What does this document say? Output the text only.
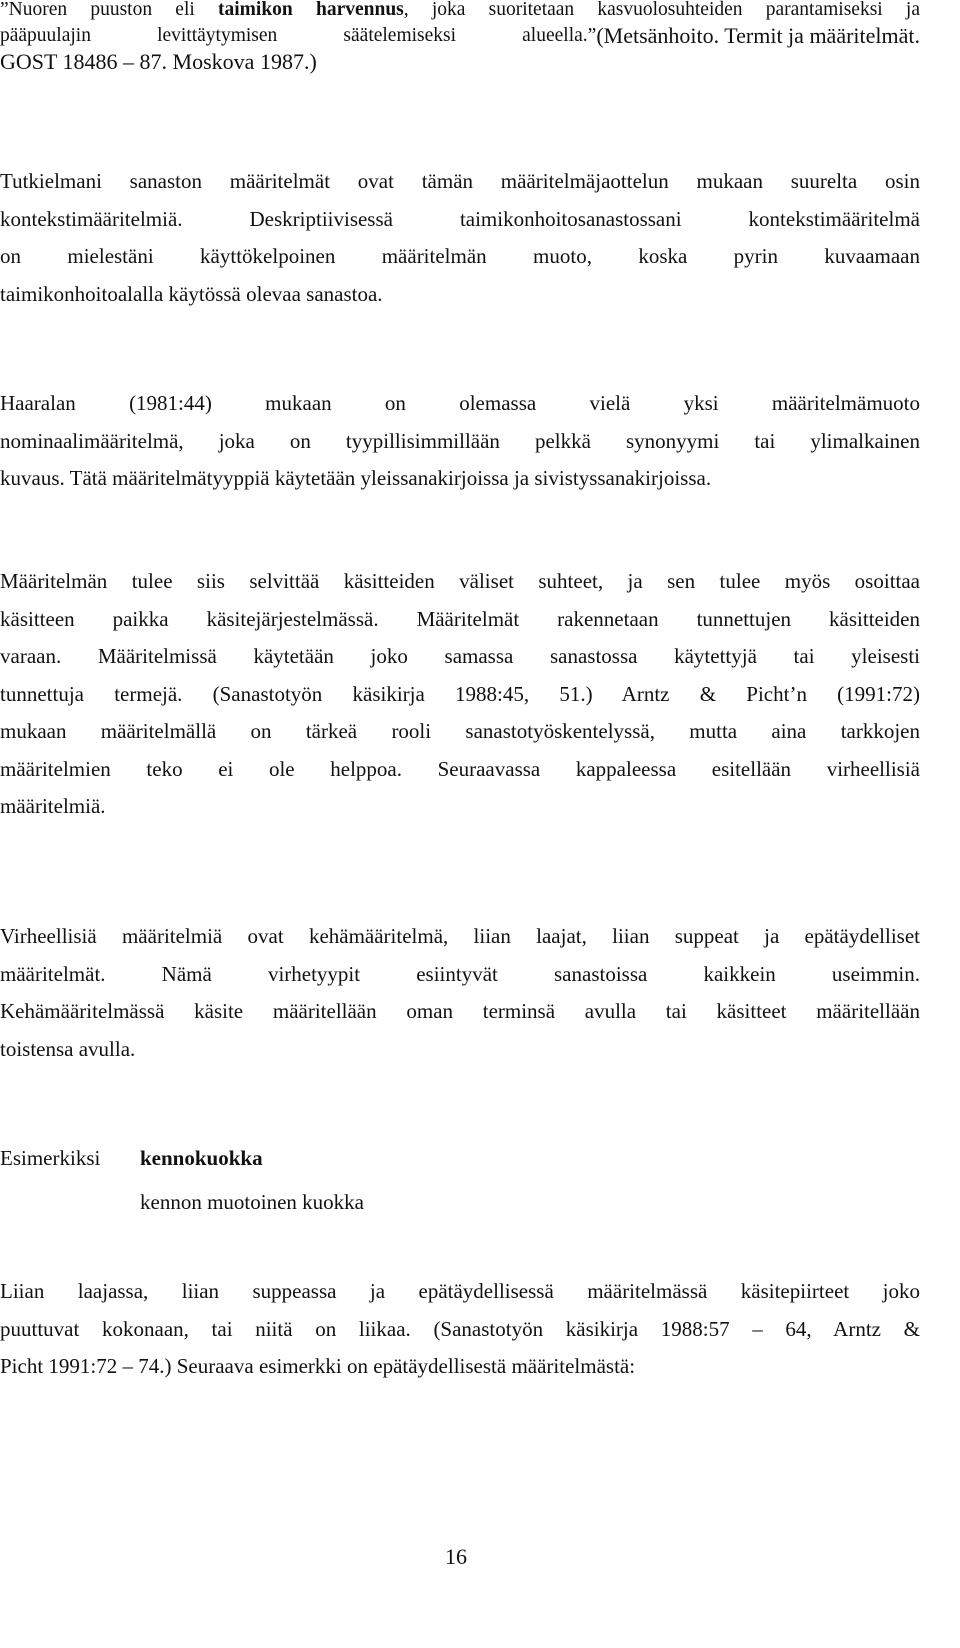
”Nuoren puuston eli taimikon harvennus, joka suoritetaan kasvuolosuhteiden parantamiseksi ja
pääpuulajin levittäytymisen säätelemiseksi alueella.” (Metsänhoito. Termit ja määritelmät.
GOST 18486 – 87. Moskova 1987.)
Tutkielmani sanaston määritelmät ovat tämän määritelmäjaottelun mukaan suurelta osin
kontekstimääritelmiä. Deskriptiivisessä taimikonhoitosanastossani kontekstimääritelmä
on mielestäni käyttökelpoinen määritelmän muoto, koska pyrin kuvaamaan
taimikonhoitoalalla käytössä olevaa sanastoa.
Haaralan (1981:44) mukaan on olemassa vielä yksi määritelmämuoto
nominaalimääritelmä, joka on tyypillisimmillään pelkkä synonyymi tai ylimalkainen
kuvaus. Tätä määritelmätyyppiä käytetään yleissanakirjoissa ja sivistyssanakirjoissa.
Määritelmän tulee siis selvittää käsitteiden väliset suhteet, ja sen tulee myös osoittaa
käsitteen paikka käsitejärjestelmässä. Määritelmät rakennetaan tunnettujen käsitteiden
varaan. Määritelmissä käytetään joko samassa sanastossa käytettyjä tai yleisesti
tunnettuja termejä. (Sanastotyön käsikirja 1988:45, 51.) Arntz & Picht’n (1991:72)
mukaan määritelmällä on tärkeä rooli sanastotyöskentelyssä, mutta aina tarkkojen
määritelmien teko ei ole helppoa. Seuraavassa kappaleessa esitellään virheellisiä
määritelmiä.
Virheellisiä määritelmiä ovat kehämääritelmä, liian laajat, liian suppeat ja epätäydelliset
määritelmät. Nämä virhetyypit esiintyvät sanastoissa kaikkein useimmin.
Kehämääritelmässä käsite määritellään oman terminsä avulla tai käsitteet määritellään
toistensa avulla.
Esimerkiksi kennokuokka
kennon muotoinen kuokka
Liian laajassa, liian suppeassa ja epätäydellisessä määritelmässä käsitepiirteet joko
puuttuvat kokonaan, tai niitä on liikaa. (Sanastotyön käsikirja 1988:57 – 64, Arntz &
Picht 1991:72 – 74.) Seuraava esimerkki on epätäydellisestä määritelmästä:
16
